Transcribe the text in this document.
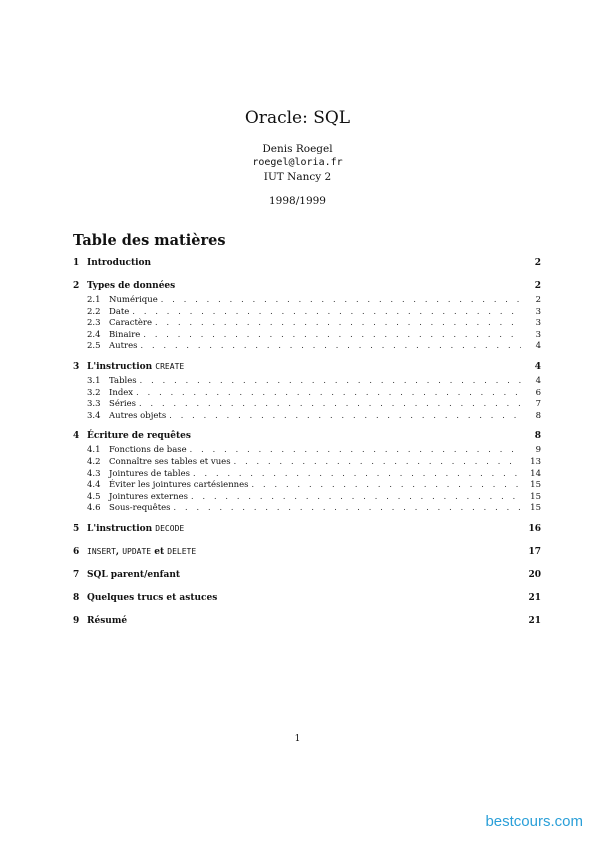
Oracle: SQL
Denis Roegel
roegel@loria.fr
IUT Nancy 2
1998/1999
Table des matières
1 Introduction	2
2 Types de données	2
2.1 Numérique . . .	2
2.2 Date . . .	3
2.3 Caractère . . .	3
2.4 Binaire . . .	3
2.5 Autres . . .	4
3 L'instruction CREATE	4
3.1 Tables . . .	4
3.2 Index . . .	6
3.3 Séries . . .	7
3.4 Autres objets . . .	8
4 Écriture de requêtes	8
4.1 Fonctions de base . . .	9
4.2 Connaître ses tables et vues . . .	13
4.3 Jointures de tables . . .	14
4.4 Éviter les jointures cartésiennes . . .	15
4.5 Jointures externes . . .	15
4.6 Sous-requêtes . . .	15
5 L'instruction DECODE	16
6 INSERT, UPDATE et DELETE	17
7 SQL parent/enfant	20
8 Quelques trucs et astuces	21
9 Résumé	21
1
bestcours.com
